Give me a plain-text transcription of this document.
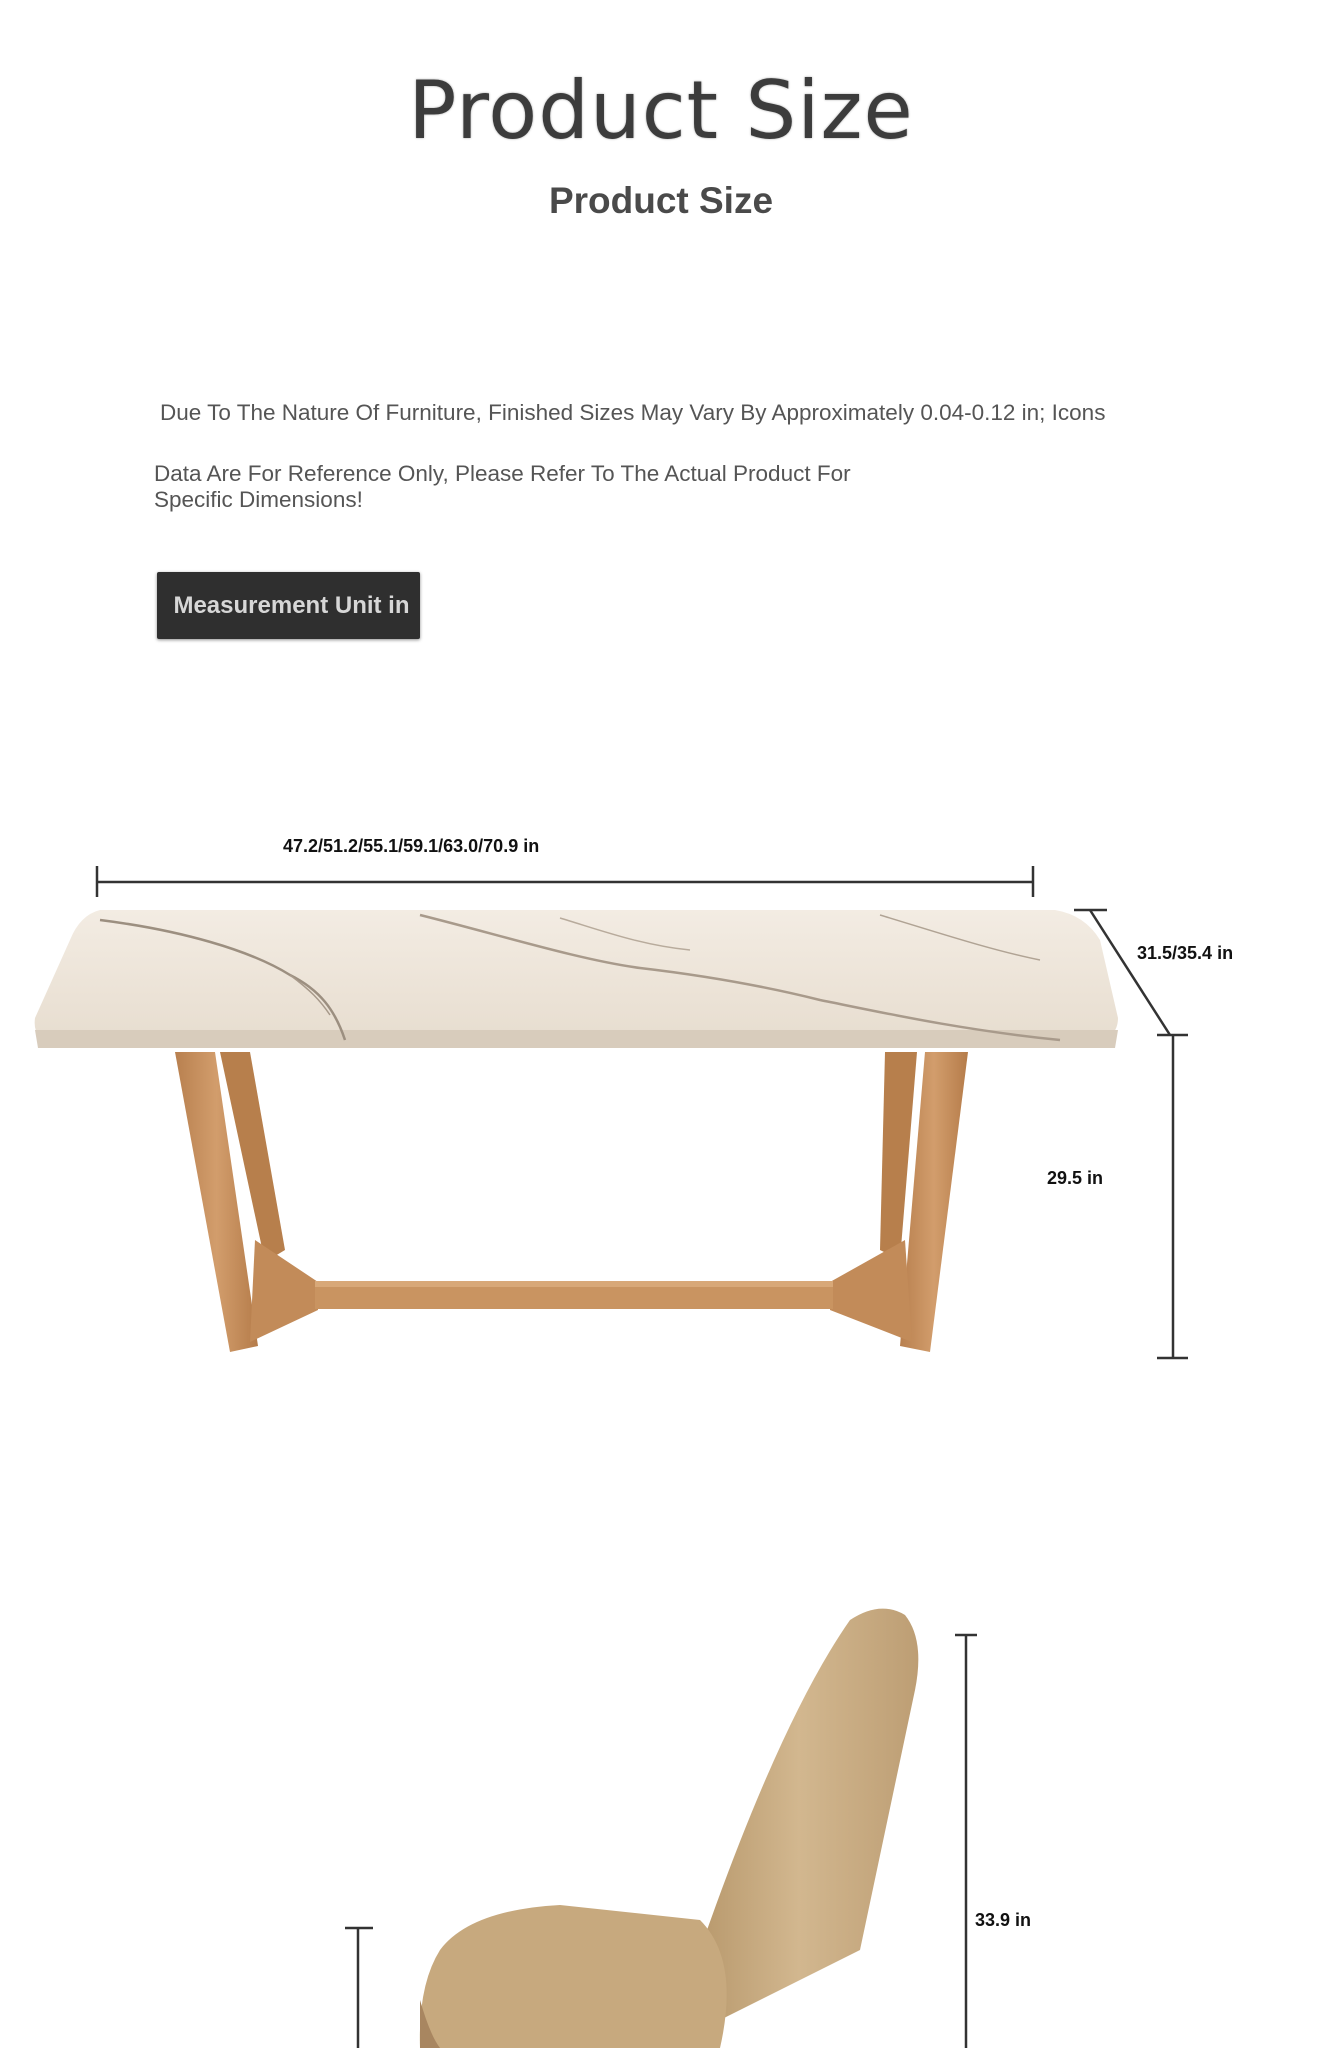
Product Size
Product Size
Due To The Nature Of Furniture, Finished Sizes May Vary By Approximately 0.04-0.12 in; Icons
Data Are For Reference Only, Please Refer To The Actual Product For
Specific Dimensions!
Measurement Unit in
47.2/51.2/55.1/59.1/63.0/70.9 in
31.5/35.4 in
29.5 in
33.9 in
